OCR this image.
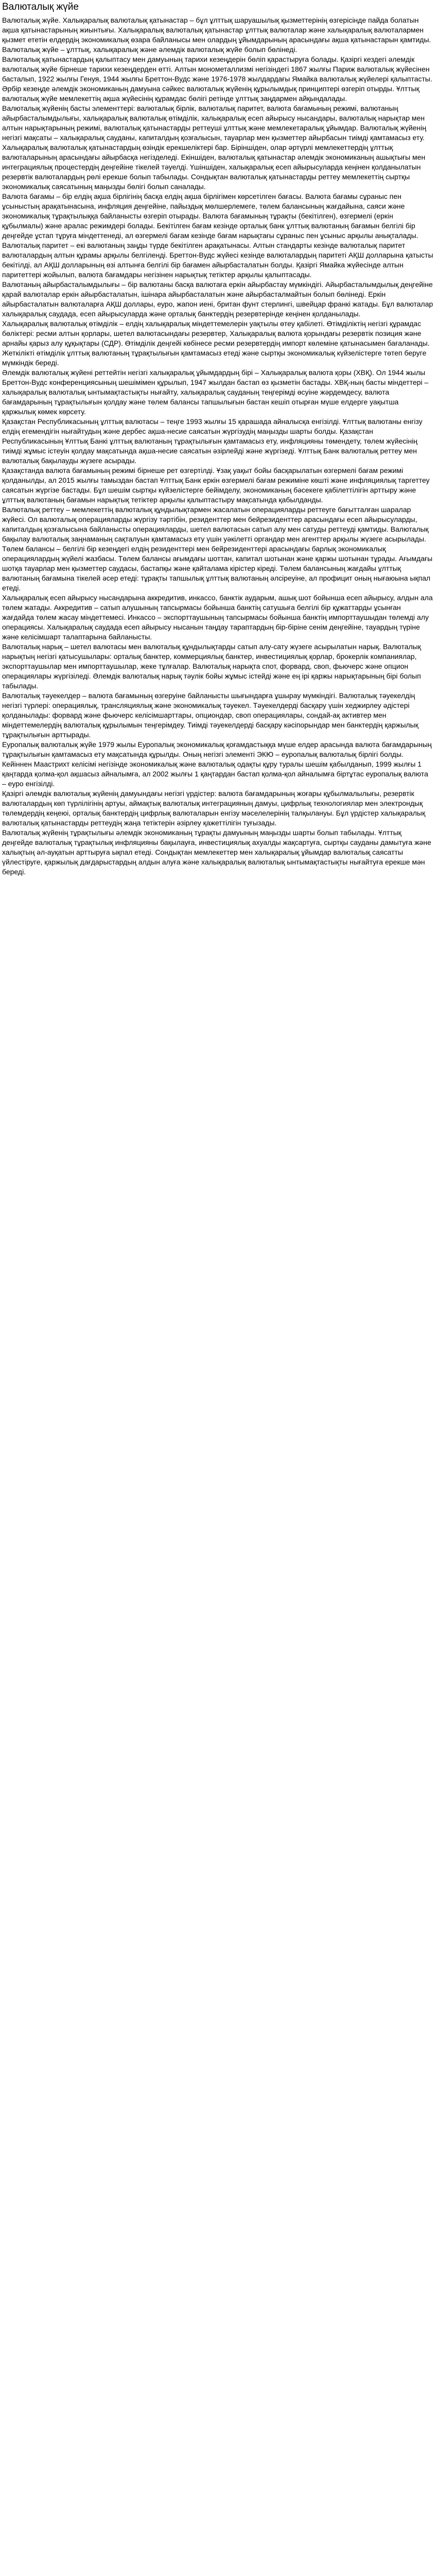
Валюталық жүйе

Валюталық жүйе. Халықаралық валюталық қатынастар – бұл ұлттық шаруашылық қызметтерінің өзгерісінде пайда болатын ақша қатынастарының жиынтығы. Халықаралық валюталық қатынастар ұлттық валюталар және халықаралық валюталармен қызмет ететін елдердің экономикалық өзара байланысы мен олардың ұйымдарының арасындағы ақша қатынастарын қамтиды. Валюталық жүйе – ұлттық, халықаралық және әлемдік валюталық жүйе болып бөлінеді.

Валюталық қатынастардың қалыптасу мен дамуының тарихи кезеңдерін бөліп қарастыруға болады. Қазіргі кездегі әлемдік валюталық жүйе бірнеше тарихи кезеңдерден өтті. Алтын монометаллизмі негізіндегі 1867 жылғы Париж валюталық жүйесінен басталып, 1922 жылғы Генуя, 1944 жылғы Бреттон-Вудс және 1976-1978 жылдардағы Ямайка валюталық жүйелері қалыптасты. Әрбір кезеңде әлемдік экономиканың дамуына сәйкес валюталық жүйенің құрылымдық принциптері өзгеріп отырды. Ұлттық валюталық жүйе мемлекеттің ақша жүйесінің құрамдас бөлігі ретінде ұлттық заңдармен айқындалады.

Валюталық жүйенің басты элементтері: валюталық бірлік, валюталық паритет, валюта бағамының режимі, валютаның айырбасталымдылығы, халықаралық валюталық өтімділік, халықаралық есеп айырысу нысандары, валюталық нарықтар мен алтын нарықтарының режимі, валюталық қатынастарды реттеуші ұлттық және мемлекетаралық ұйымдар. Валюталық жүйенің негізгі мақсаты – халықаралық сауданы, капиталдың қозғалысын, тауарлар мен қызметтер айырбасын тиімді қамтамасыз ету.

Халықаралық валюталық қатынастардың өзіндік ерекшеліктері бар. Біріншіден, олар әртүрлі мемлекеттердің ұлттық валюталарының арасындағы айырбасқа негізделеді. Екіншіден, валюталық қатынастар әлемдік экономиканың ашықтығы мен интеграциялық процестердің деңгейіне тікелей тәуелді. Үшіншіден, халықаралық есеп айырысуларда кеңінен қолданылатын резервтік валюталардың рөлі ерекше болып табылады. Сондықтан валюталық қатынастарды реттеу мемлекеттің сыртқы экономикалық саясатының маңызды бөлігі болып саналады.

Валюта бағамы – бір елдің ақша бірлігінің басқа елдің ақша бірлігімен көрсетілген бағасы. Валюта бағамы сұраныс пен ұсыныстың арақатынасына, инфляция деңгейіне, пайыздық мөлшерлемеге, төлем балансының жағдайына, саяси және экономикалық тұрақтылыққа байланысты өзгеріп отырады. Валюта бағамының тұрақты (бекітілген), өзгермелі (еркін құбылмалы) және аралас режимдері болады. Бекітілген бағам кезінде орталық банк ұлттық валютаның бағамын белгілі бір деңгейде ұстап тұруға міндеттенеді, ал өзгермелі бағам кезінде бағам нарықтағы сұраныс пен ұсыныс арқылы анықталады.

Валюталық паритет – екі валютаның заңды түрде бекітілген арақатынасы. Алтын стандарты кезінде валюталық паритет валюталардың алтын құрамы арқылы белгіленді. Бреттон-Вудс жүйесі кезінде валюталардың паритеті АҚШ долларына қатысты бекітілді, ал АҚШ долларының өзі алтынға белгілі бір бағамен айырбасталатын болды. Қазіргі Ямайка жүйесінде алтын паритеттері жойылып, валюта бағамдары негізінен нарықтық тетіктер арқылы қалыптасады.

Валютаның айырбасталымдылығы – бір валютаны басқа валютаға еркін айырбастау мүмкіндігі. Айырбасталымдылық деңгейіне қарай валюталар еркін айырбасталатын, ішінара айырбасталатын және айырбасталмайтын болып бөлінеді. Еркін айырбасталатын валюталарға АҚШ доллары, еуро, жапон иені, британ фунт стерлингі, швейцар франкі жатады. Бұл валюталар халықаралық саудада, есеп айырысуларда және орталық банктердің резервтерінде кеңінен қолданылады.

Халықаралық валюталық өтімділік – елдің халықаралық міндеттемелерін уақтылы өтеу қабілеті. Өтімділіктің негізгі құрамдас бөліктері: ресми алтын қорлары, шетел валютасындағы резервтер, Халықаралық валюта қорындағы резервтік позиция және арнайы қарыз алу құқықтары (СДР). Өтімділік деңгейі көбінесе ресми резервтердің импорт көлеміне қатынасымен бағаланады. Жеткілікті өтімділік ұлттық валютаның тұрақтылығын қамтамасыз етеді және сыртқы экономикалық күйзелістерге төтеп беруге мүмкіндік береді.

Әлемдік валюталық жүйені реттейтін негізгі халықаралық ұйымдардың бірі – Халықаралық валюта қоры (ХВҚ). Ол 1944 жылы Бреттон-Вудс конференциясының шешімімен құрылып, 1947 жылдан бастап өз қызметін бастады. ХВҚ-ның басты міндеттері – халықаралық валюталық ынтымақтастықты нығайту, халықаралық сауданың теңгерімді өсуіне жәрдемдесу, валюта бағамдарының тұрақтылығын қолдау және төлем балансы тапшылығын бастан кешіп отырған мүше елдерге уақытша қаржылық көмек көрсету.

Қазақстан Республикасының ұлттық валютасы – теңге 1993 жылғы 15 қарашада айналысқа енгізілді. Ұлттық валютаны енгізу елдің егемендігін нығайтудың және дербес ақша-несие саясатын жүргізудің маңызды шарты болды. Қазақстан Республикасының Ұлттық Банкі ұлттық валютаның тұрақтылығын қамтамасыз ету, инфляцияны төмендету, төлем жүйесінің тиімді жұмыс істеуін қолдау мақсатында ақша-несие саясатын әзірлейді және жүргізеді. Ұлттық Банк валюталық реттеу мен валюталық бақылауды жүзеге асырады.

Қазақстанда валюта бағамының режимі бірнеше рет өзгертілді. Ұзақ уақыт бойы басқарылатын өзгермелі бағам режимі қолданылды, ал 2015 жылғы тамыздан бастап Ұлттық Банк еркін өзгермелі бағам режиміне көшті және инфляциялық таргеттеу саясатын жүргізе бастады. Бұл шешім сыртқы күйзелістерге бейімделу, экономиканың бәсекеге қабілеттілігін арттыру және ұлттық валютаның бағамын нарықтық тетіктер арқылы қалыптастыру мақсатында қабылданды.

Валюталық реттеу – мемлекеттің валюталық құндылықтармен жасалатын операцияларды реттеуге бағытталған шаралар жүйесі. Ол валюталық операцияларды жүргізу тәртібін, резиденттер мен бейрезиденттер арасындағы есеп айырысуларды, капиталдың қозғалысына байланысты операцияларды, шетел валютасын сатып алу мен сатуды реттеуді қамтиды. Валюталық бақылау валюталық заңнаманың сақталуын қамтамасыз ету үшін уәкілетті органдар мен агенттер арқылы жүзеге асырылады.

Төлем балансы – белгілі бір кезеңдегі елдің резиденттері мен бейрезиденттері арасындағы барлық экономикалық операциялардың жүйелі жазбасы. Төлем балансы ағымдағы шоттан, капитал шотынан және қаржы шотынан тұрады. Ағымдағы шотқа тауарлар мен қызметтер саудасы, бастапқы және қайталама кірістер кіреді. Төлем балансының жағдайы ұлттық валютаның бағамына тікелей әсер етеді: тұрақты тапшылық ұлттық валютаның әлсіреуіне, ал профицит оның нығаюына ықпал етеді.

Халықаралық есеп айырысу нысандарына аккредитив, инкассо, банктік аударым, ашық шот бойынша есеп айырысу, алдын ала төлем жатады. Аккредитив – сатып алушының тапсырмасы бойынша банктің сатушыға белгілі бір құжаттарды ұсынған жағдайда төлем жасау міндеттемесі. Инкассо – экспорттаушының тапсырмасы бойынша банктің импорттаушыдан төлемді алу операциясы. Халықаралық саудада есеп айырысу нысанын таңдау тараптардың бір-біріне сенім деңгейіне, тауардың түріне және келісімшарт талаптарына байланысты.

Валюталық нарық – шетел валютасы мен валюталық құндылықтарды сатып алу-сату жүзеге асырылатын нарық. Валюталық нарықтың негізгі қатысушылары: орталық банктер, коммерциялық банктер, инвестициялық қорлар, брокерлік компаниялар, экспорттаушылар мен импорттаушылар, жеке тұлғалар. Валюталық нарықта спот, форвард, своп, фьючерс және опцион операциялары жүргізіледі. Әлемдік валюталық нарық тәулік бойы жұмыс істейді және ең ірі қаржы нарықтарының бірі болып табылады.

Валюталық тәуекелдер – валюта бағамының өзгеруіне байланысты шығындарға ұшырау мүмкіндігі. Валюталық тәуекелдің негізгі түрлері: операциялық, трансляциялық және экономикалық тәуекел. Тәуекелдерді басқару үшін хеджирлеу әдістері қолданылады: форвард және фьючерс келісімшарттары, опциондар, своп операциялары, сондай-ақ активтер мен міндеттемелердің валюталық құрылымын теңгерімдеу. Тиімді тәуекелдерді басқару кәсіпорындар мен банктердің қаржылық тұрақтылығын арттырады.

Еуропалық валюталық жүйе 1979 жылы Еуропалық экономикалық қоғамдастыққа мүше елдер арасында валюта бағамдарының тұрақтылығын қамтамасыз ету мақсатында құрылды. Оның негізгі элементі ЭКЮ – еуропалық валюталық бірлігі болды. Кейіннен Маастрихт келісімі негізінде экономикалық және валюталық одақты құру туралы шешім қабылданып, 1999 жылғы 1 қаңтарда қолма-қол ақшасыз айналымға, ал 2002 жылғы 1 қаңтардан бастап қолма-қол айналымға біртұтас еуропалық валюта – еуро енгізілді.

Қазіргі әлемдік валюталық жүйенің дамуындағы негізгі үрдістер: валюта бағамдарының жоғары құбылмалылығы, резервтік валюталардың көп түрлілігінің артуы, аймақтық валюталық интеграцияның дамуы, цифрлық технологиялар мен электрондық төлемдердің кеңеюі, орталық банктердің цифрлық валюталарын енгізу мәселелерінің талқылануы. Бұл үрдістер халықаралық валюталық қатынастарды реттеудің жаңа тетіктерін әзірлеу қажеттілігін туғызады.

Валюталық жүйенің тұрақтылығы әлемдік экономиканың тұрақты дамуының маңызды шарты болып табылады. Ұлттық деңгейде валюталық тұрақтылық инфляцияны бақылауға, инвестициялық ахуалды жақсартуға, сыртқы сауданы дамытуға және халықтың әл-ауқатын арттыруға ықпал етеді. Сондықтан мемлекеттер мен халықаралық ұйымдар валюталық саясатты үйлестіруге, қаржылық дағдарыстардың алдын алуға және халықаралық валюталық ынтымақтастықты нығайтуға ерекше мән береді.
